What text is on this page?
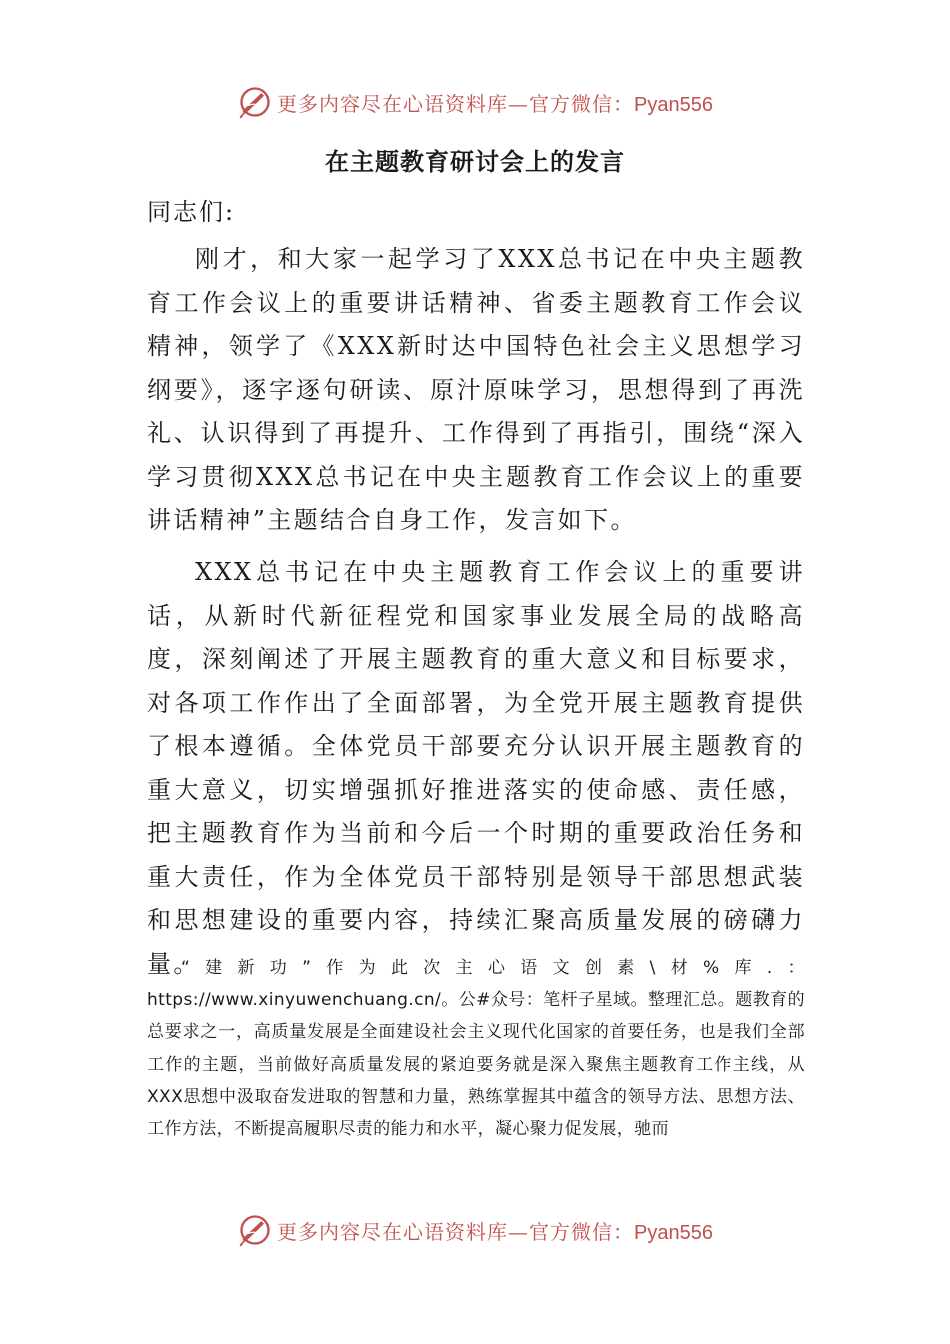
更多内容尽在心语资料库—官方微信：Pyan556
在主题教育研讨会上的发言
同志们:

刚才，和大家一起学习了XXX总书记在中央主题教育工作会议上的重要讲话精神、省委主题教育工作会议精神，领学了《XXX新时达中国特色社会主义思想学习纲要》，逐字逐句研读、原汁原味学习，思想得到了再洗礼、认识得到了再提升、工作得到了再指引，围绕“深入学习贯彻XXX总书记在中央主题教育工作会议上的重要讲话精神”主题结合自身工作，发言如下。

XXX总书记在中央主题教育工作会议上的重要讲话，从新时代新征程党和国家事业发展全局的战略高度，深刻阐述了开展主题教育的重大意义和目标要求，对各项工作作出了全面部署，为全党开展主题教育提供了根本遵循。全体党员干部要充分认识开展主题教育的重大意义，切实增强抓好推进落实的使命感、责任感，把主题教育作为当前和今后一个时期的重要政治任务和重大责任，作为全体党员干部特别是领导干部思想武装和思想建设的重要内容，持续汇聚高质量发展的磅礴力量。

“建新功”作为此次主心语文创素\材%库.：https://www.xinyuwenchuang.cn/。公#众号：笔杆子星域。整理汇总。题教育的总要求之一，高质量发展是全面建设社会主义现代化国家的首要任务，也是我们全部工作的主题，当前做好高质量发展的紧迫要务就是深入聚焦主题教育工作主线，从XXX思想中汲取奋发进取的智慧和力量，熟练掌握其中蕴含的领导方法、思想方法、工作方法，不断提高履职尽责的能力和水平，凝心聚力促发展，驰而

更多内容尽在心语资料库—官方微信：Pyan556
